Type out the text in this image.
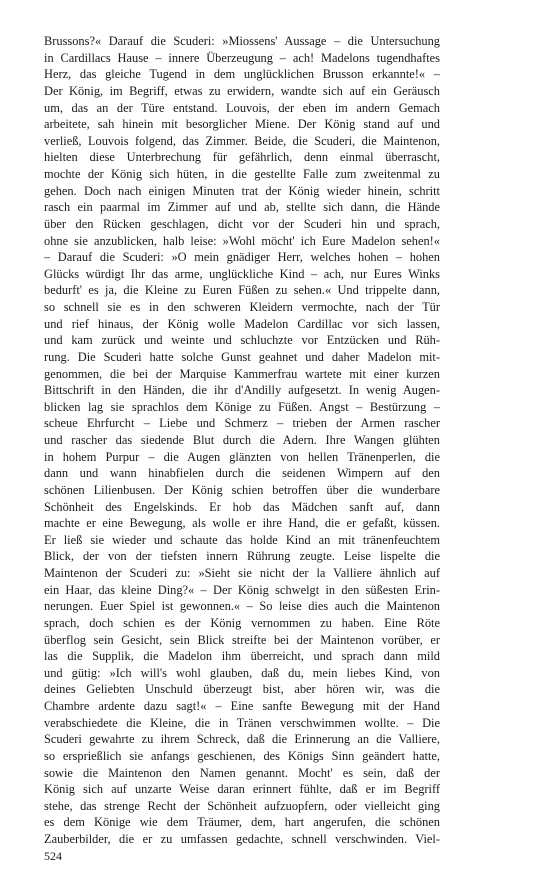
Brussons?« Darauf die Scuderi: »Miossens' Aussage – die Untersuchung
in Cardillacs Hause – innere Überzeugung – ach! Madelons tugendhaftes
Herz, das gleiche Tugend in dem unglücklichen Brusson erkannte!« –
Der König, im Begriff, etwas zu erwidern, wandte sich auf ein Geräusch
um, das an der Türe entstand. Louvois, der eben im andern Gemach
arbeitete, sah hinein mit besorglicher Miene. Der König stand auf und
verließ, Louvois folgend, das Zimmer. Beide, die Scuderi, die Maintenon,
hielten diese Unterbrechung für gefährlich, denn einmal überrascht,
mochte der König sich hüten, in die gestellte Falle zum zweitenmal zu
gehen. Doch nach einigen Minuten trat der König wieder hinein, schritt
rasch ein paarmal im Zimmer auf und ab, stellte sich dann, die Hände
über den Rücken geschlagen, dicht vor der Scuderi hin und sprach,
ohne sie anzublicken, halb leise: »Wohl möcht' ich Eure Madelon sehen!«
– Darauf die Scuderi: »O mein gnädiger Herr, welches hohen – hohen
Glücks würdigt Ihr das arme, unglückliche Kind – ach, nur Eures Winks
bedurft' es ja, die Kleine zu Euren Füßen zu sehen.« Und trippelte dann,
so schnell sie es in den schweren Kleidern vermochte, nach der Tür
und rief hinaus, der König wolle Madelon Cardillac vor sich lassen,
und kam zurück und weinte und schluchzte vor Entzücken und Rüh-
rung. Die Scuderi hatte solche Gunst geahnet und daher Madelon mit-
genommen, die bei der Marquise Kammerfrau wartete mit einer kurzen
Bittschrift in den Händen, die ihr d'Andilly aufgesetzt. In wenig Augen-
blicken lag sie sprachlos dem Könige zu Füßen. Angst – Bestürzung –
scheue Ehrfurcht – Liebe und Schmerz – trieben der Armen rascher
und rascher das siedende Blut durch die Adern. Ihre Wangen glühten
in hohem Purpur – die Augen glänzten von hellen Tränenperlen, die
dann und wann hinabfielen durch die seidenen Wimpern auf den
schönen Lilienbusen. Der König schien betroffen über die wunderbare
Schönheit des Engelskinds. Er hob das Mädchen sanft auf, dann
machte er eine Bewegung, als wolle er ihre Hand, die er gefaßt, küssen.
Er ließ sie wieder und schaute das holde Kind an mit tränenfeuchtem
Blick, der von der tiefsten innern Rührung zeugte. Leise lispelte die
Maintenon der Scuderi zu: »Sieht sie nicht der la Valliere ähnlich auf
ein Haar, das kleine Ding?« – Der König schwelgt in den süßesten Erin-
nerungen. Euer Spiel ist gewonnen.« – So leise dies auch die Maintenon
sprach, doch schien es der König vernommen zu haben. Eine Röte
überflog sein Gesicht, sein Blick streifte bei der Maintenon vorüber, er
las die Supplik, die Madelon ihm überreicht, und sprach dann mild
und gütig: »Ich will's wohl glauben, daß du, mein liebes Kind, von
deines Geliebten Unschuld überzeugt bist, aber hören wir, was die
Chambre ardente dazu sagt!« – Eine sanfte Bewegung mit der Hand
verabschiedete die Kleine, die in Tränen verschwimmen wollte. – Die
Scuderi gewahrte zu ihrem Schreck, daß die Erinnerung an die Valliere,
so ersprießlich sie anfangs geschienen, des Königs Sinn geändert hatte,
sowie die Maintenon den Namen genannt. Mocht' es sein, daß der
König sich auf unzarte Weise daran erinnert fühlte, daß er im Begriff
stehe, das strenge Recht der Schönheit aufzuopfern, oder vielleicht ging
es dem Könige wie dem Träumer, dem, hart angerufen, die schönen
Zauberbilder, die er zu umfassen gedachte, schnell verschwinden. Viel-
524
